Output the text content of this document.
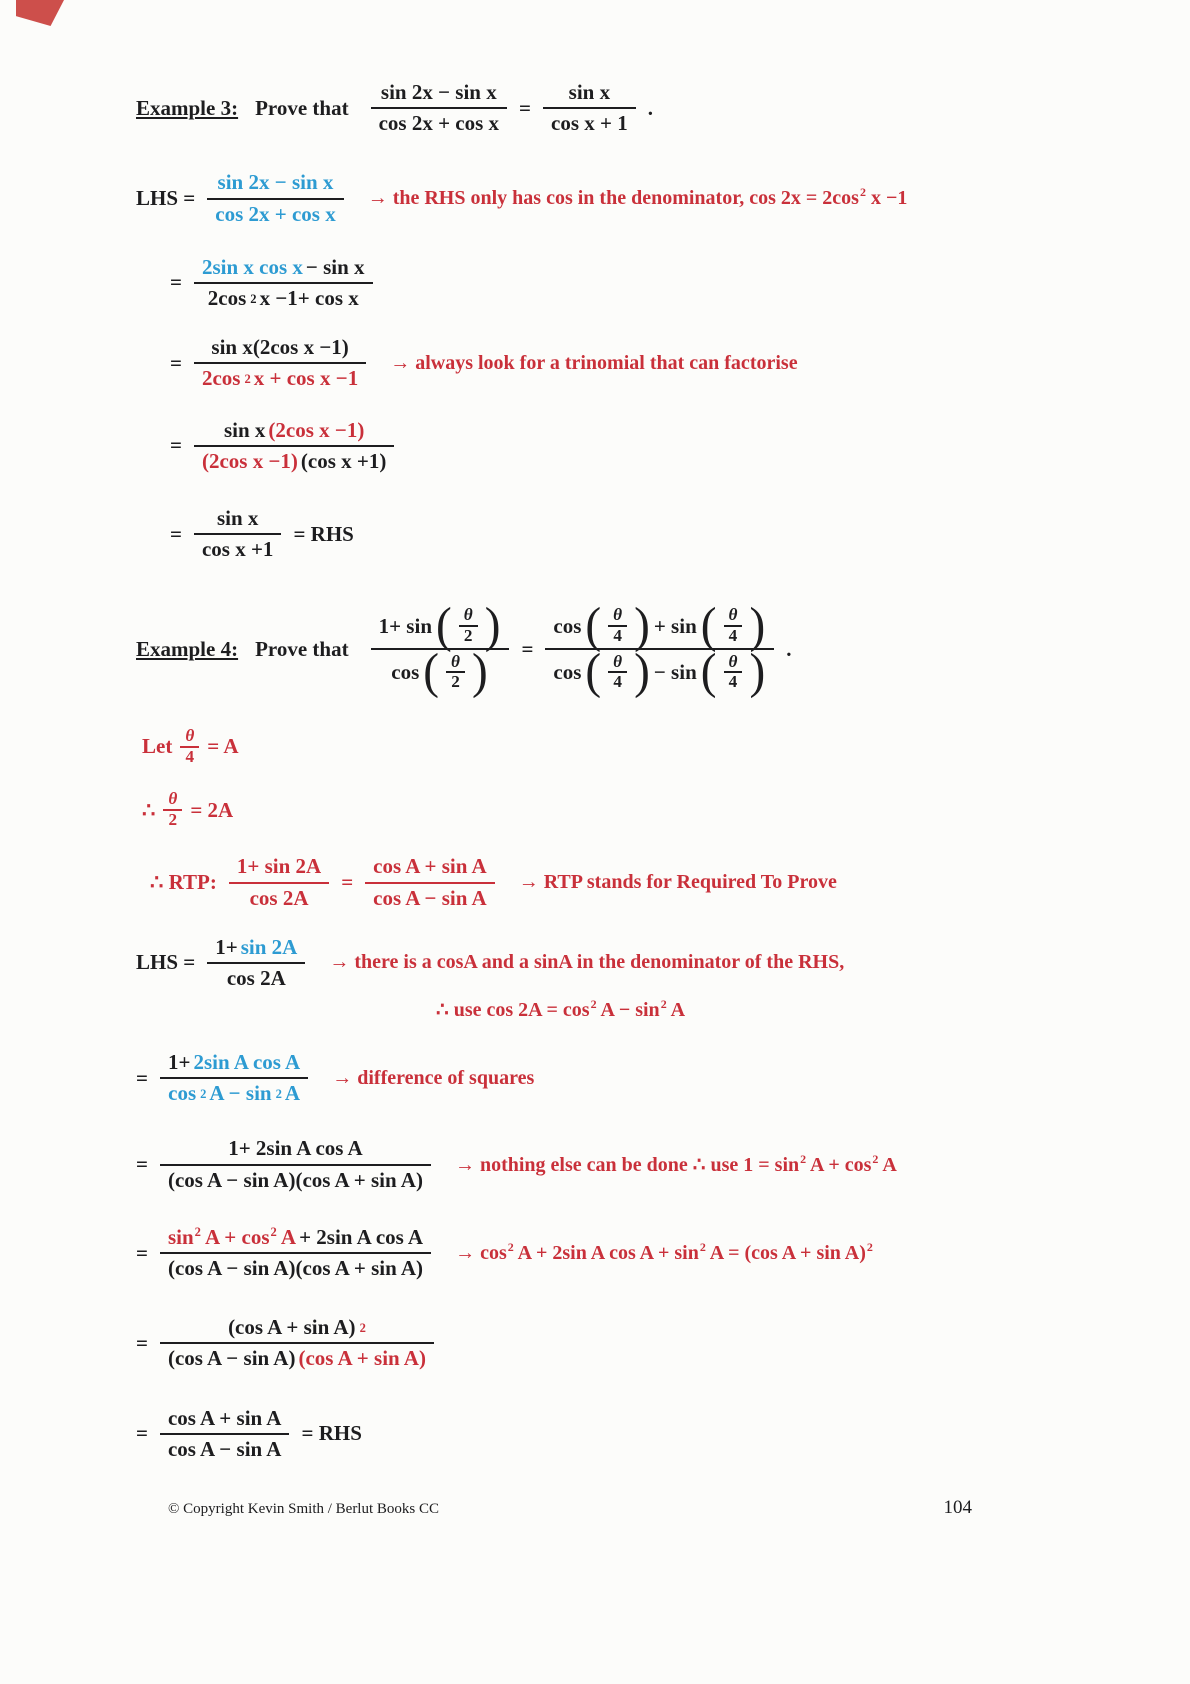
Example 3: Prove that
sin 2x − sin x
cos 2x + cos x
=
sin x
cos x + 1
.
LHS =
sin 2x − sin x
cos 2x + cos x
→ the RHS only has cos in the denominator, $\cos 2x = 2\cos^2$ x −1
=
2sin x cos x − sin x
2cos 2 x −1+ cos x
=
sin x(2cos x −1)
2cos 2 x + cos x −1
→ always look for a trinomial that can factorise
=
sin x (2cos x −1)
(2cos x −1) (cos x +1)
=
sin x
cos x +1
= RHS
Example 4: Prove that
1+ sin ( θ
2 )
cos ( θ
2 ) =
cos ( θ
4 ) + sin ( θ
4 )
cos ( θ
4 ) − sin ( θ
4 ) .
Let θ
4 = A
∴ θ
2 = 2A
∴ RTP:
1+ sin 2A
cos 2A
=
cos A + sin A
cos A − sin A
→ RTP stands for Required To Prove
LHS =
1+ sin 2A
cos 2A
→ there is a cosA and a sinA in the denominator of the RHS,
∴ use $\cos 2A = \cos^2 A - \sin^2 A$
=
1+ 2sin A cos A
cos 2 A − sin 2 A
→ difference of squares
=
1+ 2sin A cos A
(cos A − sin A)(cos A + sin A)
→ nothing else can be done ∴ use $1 = \sin^2 A + \cos^2 A$
=
$\sin^2 A + \cos^2 A + 2\sin$ A cos A
(cos A − sin A)(cos A + sin A)
→ $\cos^2 A + 2\sin$ A $\cos A + \sin^2 A = (\cos$ A + sin A)$^2$
=
(cos A + sin A) 2
(cos A − sin A) (cos A + sin A)
=
cos A + sin A
cos A − sin A
= RHS
© Copyright Kevin Smith / Berlut Books CC	104
